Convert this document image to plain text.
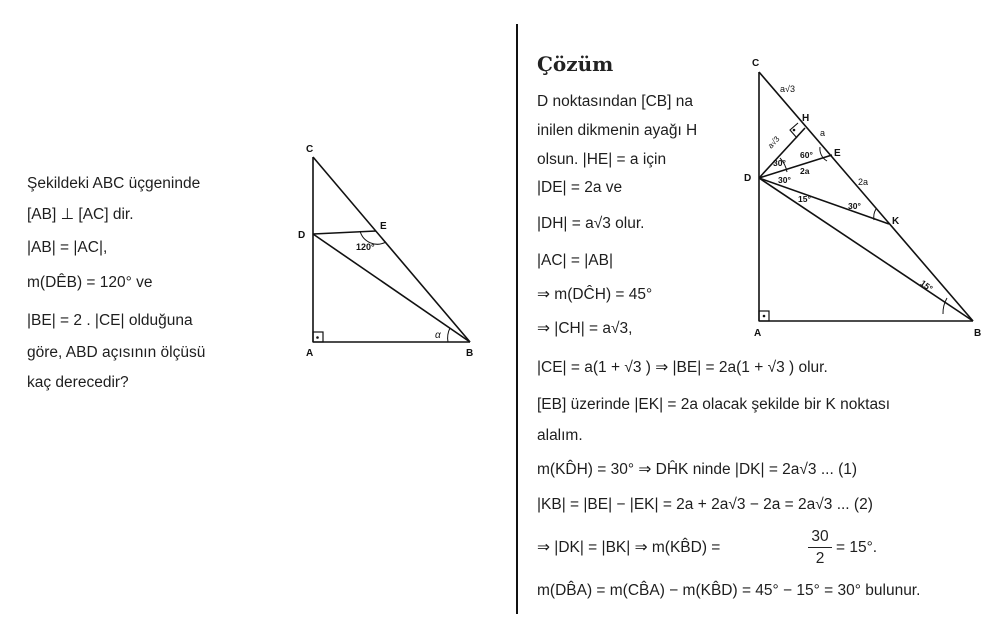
Şekildeki ABC üçgeninde
[AB] ⊥ [AC] dir.
|AB| = |AC|,
m(DÊB) = 120° ve
|BE| = 2 . |CE| olduğuna
göre, ABD açısının ölçüsü
kaç derecedir?
C
D
E
A	B
120°
α
Çözüm
D noktasından [CB] na
inilen dikmenin ayağı H
olsun. |HE| = a için
|DE| = 2a ve
|DH| = a√3 olur.
|AC| = |AB|
⇒ m(DĈH) = 45°
⇒ |CH| = a√3,
C
H
E
D
K
A	B
a√3
a
a√3
30°
60°
2a
30°	2a
30°
15°
15°
|CE| = a(1 + √3 ) ⇒ |BE| = 2a(1 + √3 ) olur.
[EB] üzerinde |EK| = 2a olacak şekilde bir K noktası
alalım.
m(KD̂H) = 30° ⇒ DĤK ninde |DK| = 2a√3 ... (1)
|KB| = |BE| − |EK| = 2a + 2a√3 − 2a = 2a√3 ... (2)
⇒ |DK| = |BK| ⇒ m(KB̂D) =	$\frac{30}{2} = 15^\circ$.
m(DB̂A) = m(CB̂A) − m(KB̂D) = 45° − 15° = 30° bulunur.
